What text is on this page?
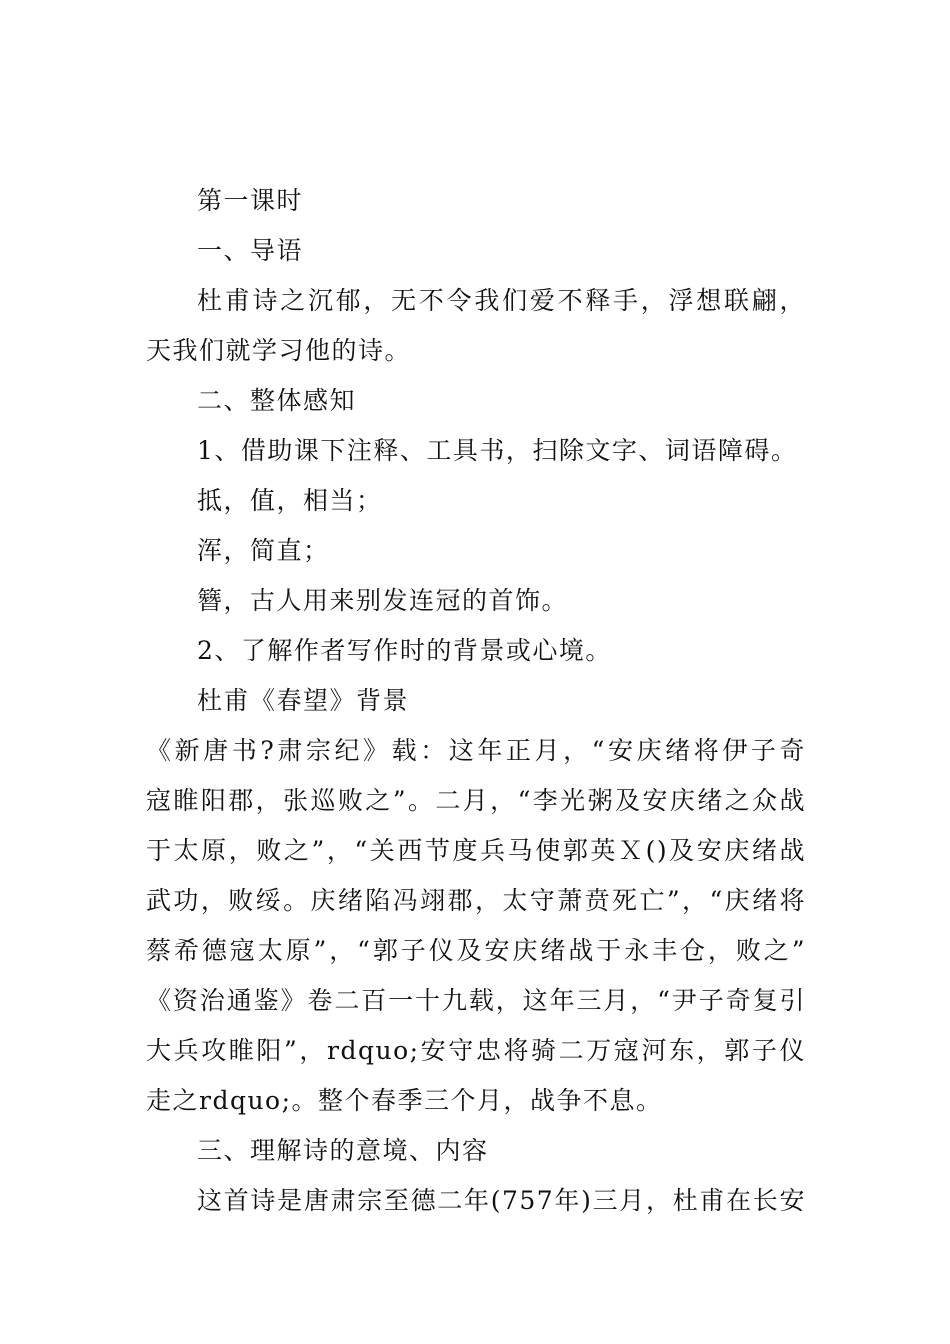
第一课时
一、导语
杜甫诗之沉郁，无不令我们爱不释手，浮想联翩，
天我们就学习他的诗。
二、整体感知
1、借助课下注释、工具书，扫除文字、词语障碍。
抵，值，相当；
浑，简直；
簪，古人用来别发连冠的首饰。
2、了解作者写作时的背景或心境。
杜甫《春望》背景
《新唐书?肃宗纪》载：这年正月，“安庆绪将伊子奇
寇睢阳郡，张巡败之”。二月，“李光粥及安庆绪之众战
于太原，败之”，“关西节度兵马使郭英Ｘ()及安庆绪战
武功，败绥。庆绪陷冯翊郡，太守萧贲死亡”，“庆绪将
蔡希德寇太原”，“郭子仪及安庆绪战于永丰仓，败之”
《资治通鉴》卷二百一十九载，这年三月，“尹子奇复引
大兵攻睢阳”，rdquo;安守忠将骑二万寇河东，郭子仪
走之rdquo;。整个春季三个月，战争不息。
三、理解诗的意境、内容
这首诗是唐肃宗至德二年(757年)三月，杜甫在长安
